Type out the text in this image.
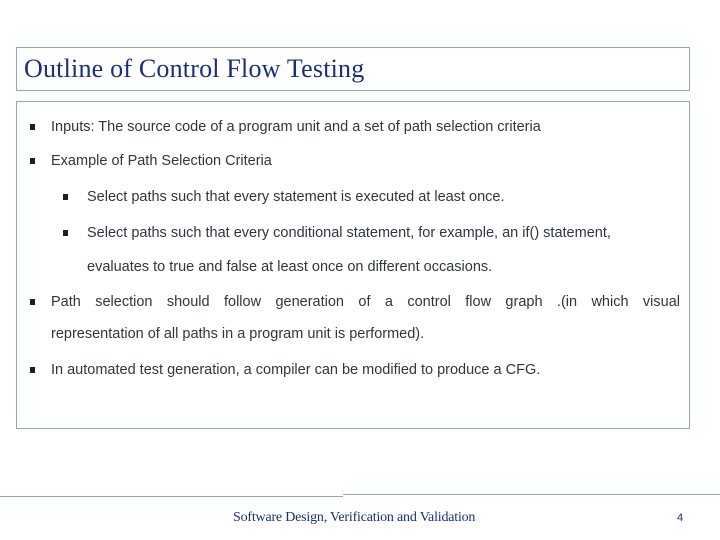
Outline of Control Flow Testing
Inputs: The source code of a program unit and a set of path selection criteria
Example of Path Selection Criteria
Select paths such that every statement is executed at least once.
Select paths such that every conditional statement, for example, an if() statement,
evaluates to true and false at least once on different occasions.
Path selection should follow generation of a control flow graph .(in which visual
representation of all paths in a program unit is performed).
In automated test generation, a compiler can be modified to produce a CFG.
Software Design, Verification and Validation	4
